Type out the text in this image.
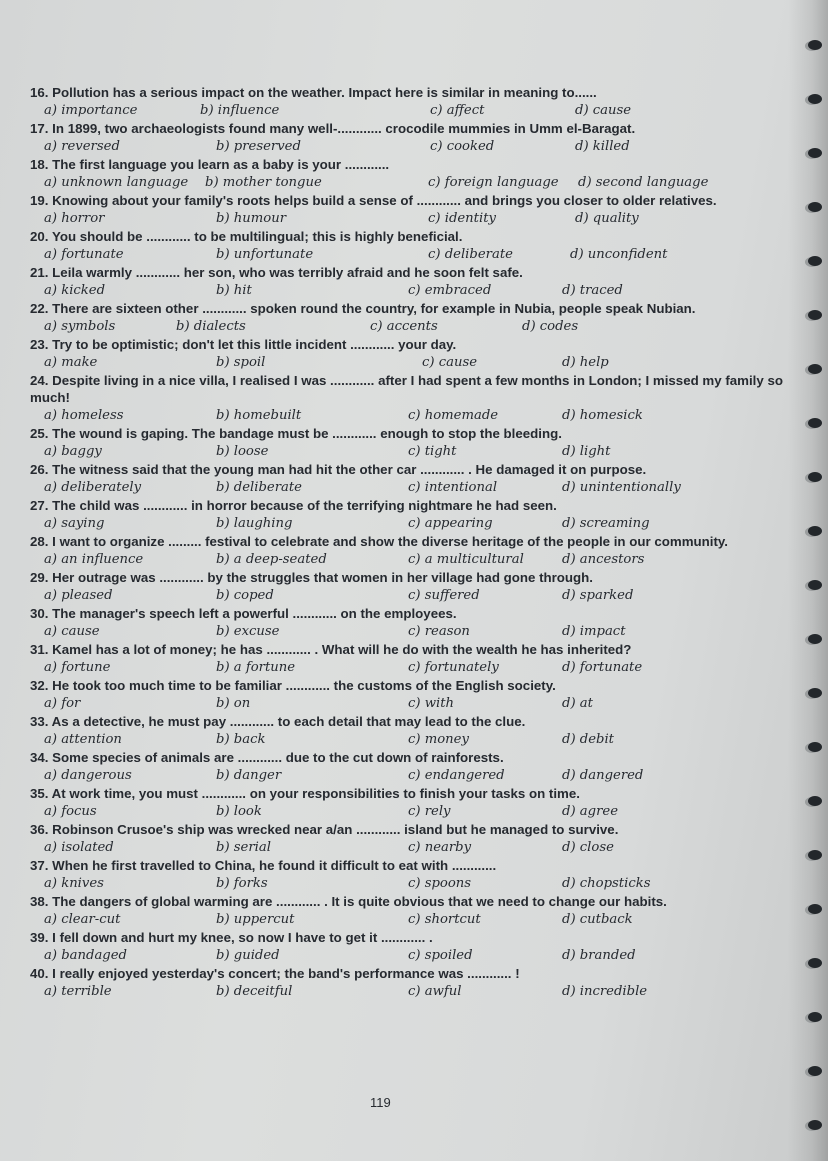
16. Pollution has a serious impact on the weather. Impact here is similar in meaning to......
a) importance	b) influence	c) affect	d) cause
17. In 1899, two archaeologists found many well-............ crocodile mummies in Umm el-Baragat.
a) reversed	b) preserved	c) cooked	d) killed
18. The first language you learn as a baby is your ............
a) unknown language b) mother tongue	c) foreign language d) second language
19. Knowing about your family's roots helps build a sense of ............ and brings you closer to older relatives.
a) horror	b) humour	c) identity	d) quality
20. You should be ............ to be multilingual; this is highly beneficial.
a) fortunate	b) unfortunate	c) deliberate	d) unconfident
21. Leila warmly ............ her son, who was terribly afraid and he soon felt safe.
a) kicked	b) hit	c) embraced	d) traced
22. There are sixteen other ............ spoken round the country, for example in Nubia, people speak Nubian.
a) symbols	b) dialects	c) accents	d) codes
23. Try to be optimistic; don't let this little incident ............ your day.
a) make	b) spoil	c) cause	d) help
24. Despite living in a nice villa, I realised I was ............ after I had spent a few months in London; I missed my family so much!
a) homeless	b) homebuilt	c) homemade	d) homesick
25. The wound is gaping. The bandage must be ............ enough to stop the bleeding.
a) baggy	b) loose	c) tight	d) light
26. The witness said that the young man had hit the other car ............ . He damaged it on purpose.
a) deliberately	b) deliberate	c) intentional	d) unintentionally
27. The child was ............ in horror because of the terrifying nightmare he had seen.
a) saying	b) laughing	c) appearing	d) screaming
28. I want to organize ......... festival to celebrate and show the diverse heritage of the people in our community.
a) an influence	b) a deep-seated	c) a multicultural	d) ancestors
29. Her outrage was ............ by the struggles that women in her village had gone through.
a) pleased	b) coped	c) suffered	d) sparked
30. The manager's speech left a powerful ............ on the employees.
a) cause	b) excuse	c) reason	d) impact
31. Kamel has a lot of money; he has ............ . What will he do with the wealth he has inherited?
a) fortune	b) a fortune	c) fortunately	d) fortunate
32. He took too much time to be familiar ............ the customs of the English society.
a) for	b) on	c) with	d) at
33. As a detective, he must pay ............ to each detail that may lead to the clue.
a) attention	b) back	c) money	d) debit
34. Some species of animals are ............ due to the cut down of rainforests.
a) dangerous	b) danger	c) endangered	d) dangered
35. At work time, you must ............ on your responsibilities to finish your tasks on time.
a) focus	b) look	c) rely	d) agree
36. Robinson Crusoe's ship was wrecked near a/an ............ island but he managed to survive.
a) isolated	b) serial	c) nearby	d) close
37. When he first travelled to China, he found it difficult to eat with ............
a) knives	b) forks	c) spoons	d) chopsticks
38. The dangers of global warming are ............ . It is quite obvious that we need to change our habits.
a) clear-cut	b) uppercut	c) shortcut	d) cutback
39. I fell down and hurt my knee, so now I have to get it ............ .
a) bandaged	b) guided	c) spoiled	d) branded
40. I really enjoyed yesterday's concert; the band's performance was ............ !
a) terrible	b) deceitful	c) awful	d) incredible
119
